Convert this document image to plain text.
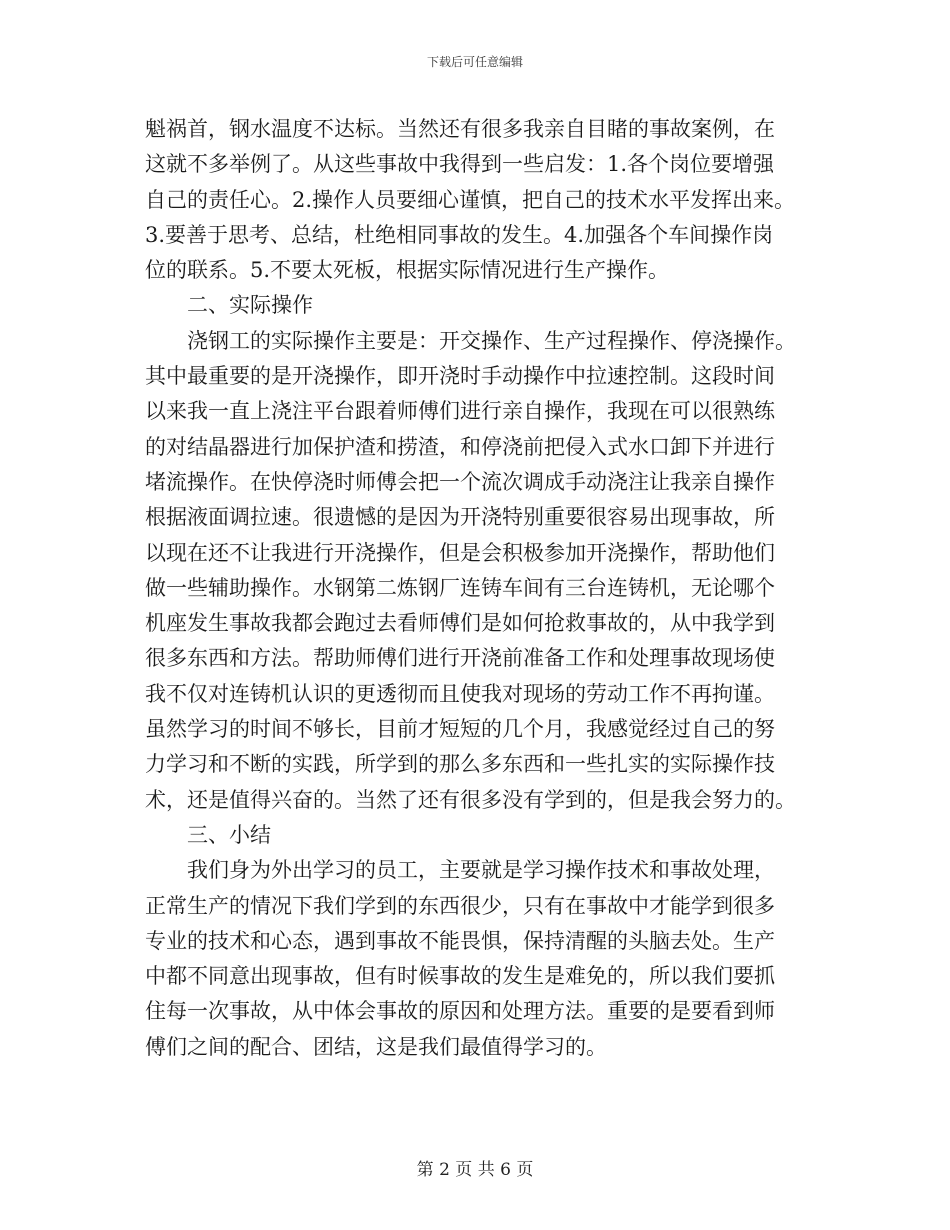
下载后可任意编辑
魁祸首，钢水温度不达标。当然还有很多我亲自目睹的事故案例，在
这就不多举例了。从这些事故中我得到一些启发：1.各个岗位要增强
自己的责任心。2.操作人员要细心谨慎，把自己的技术水平发挥出来。
3.要善于思考、总结，杜绝相同事故的发生。4.加强各个车间操作岗
位的联系。5.不要太死板，根据实际情况进行生产操作。
二、实际操作
浇钢工的实际操作主要是：开交操作、生产过程操作、停浇操作。
其中最重要的是开浇操作，即开浇时手动操作中拉速控制。这段时间
以来我一直上浇注平台跟着师傅们进行亲自操作，我现在可以很熟练
的对结晶器进行加保护渣和捞渣，和停浇前把侵入式水口卸下并进行
堵流操作。在快停浇时师傅会把一个流次调成手动浇注让我亲自操作
根据液面调拉速。很遗憾的是因为开浇特别重要很容易出现事故，所
以现在还不让我进行开浇操作，但是会积极参加开浇操作，帮助他们
做一些辅助操作。水钢第二炼钢厂连铸车间有三台连铸机，无论哪个
机座发生事故我都会跑过去看师傅们是如何抢救事故的，从中我学到
很多东西和方法。帮助师傅们进行开浇前准备工作和处理事故现场使
我不仅对连铸机认识的更透彻而且使我对现场的劳动工作不再拘谨。
虽然学习的时间不够长，目前才短短的几个月，我感觉经过自己的努
力学习和不断的实践，所学到的那么多东西和一些扎实的实际操作技
术，还是值得兴奋的。当然了还有很多没有学到的，但是我会努力的。
三、小结
我们身为外出学习的员工，主要就是学习操作技术和事故处理，
正常生产的情况下我们学到的东西很少，只有在事故中才能学到很多
专业的技术和心态，遇到事故不能畏惧，保持清醒的头脑去处。生产
中都不同意出现事故，但有时候事故的发生是难免的，所以我们要抓
住每一次事故，从中体会事故的原因和处理方法。重要的是要看到师
傅们之间的配合、团结，这是我们最值得学习的。
第 2 页 共 6 页
